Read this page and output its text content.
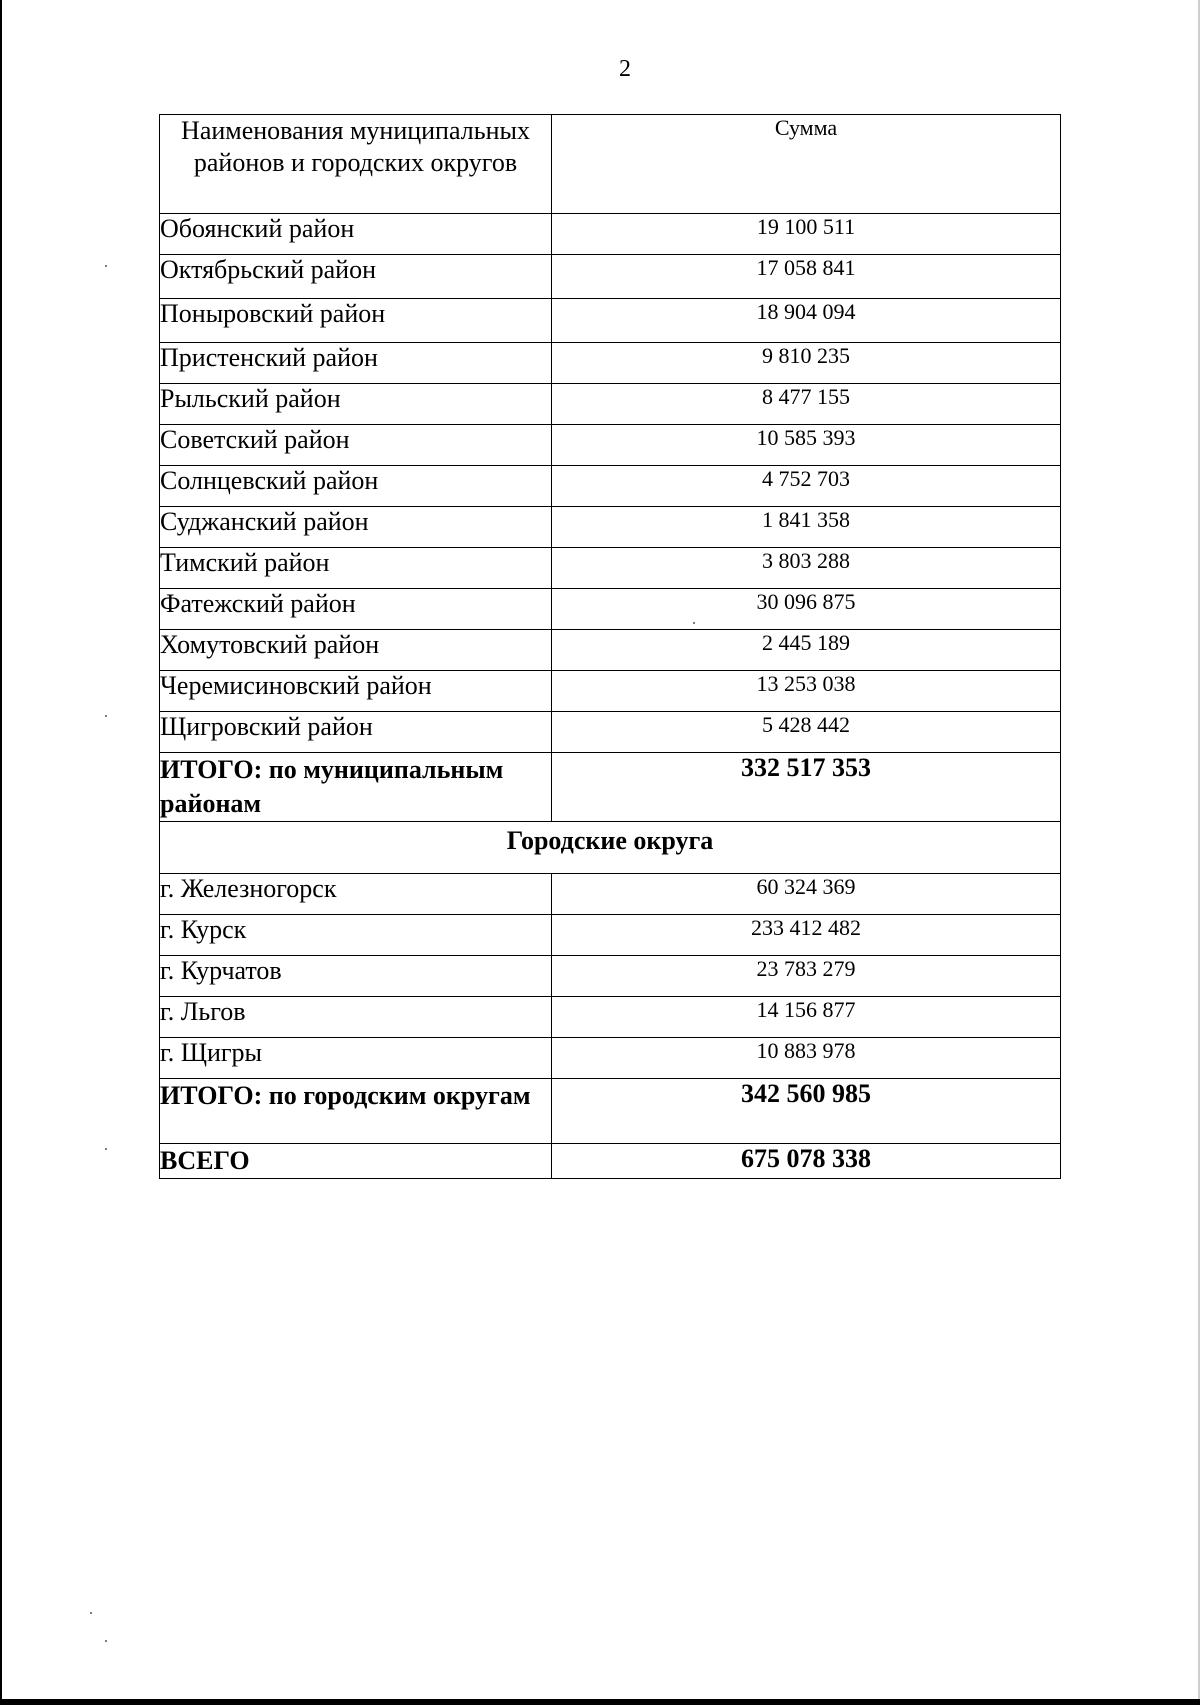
2
Наименования муниципальных районов и городских округов	Сумма
Обоянский район	19 100 511
Октябрьский район	17 058 841
Поныровский район	18 904 094
Пристенский район	9 810 235
Рыльский район	8 477 155
Советский район	10 585 393
Солнцевский район	4 752 703
Суджанский район	1 841 358
Тимский район	3 803 288
Фатежский район	30 096 875
Хомутовский район	2 445 189
Черемисиновский район	13 253 038
Щигровский район	5 428 442
ИТОГО: по муниципальным районам	332 517 353
Городские округа	
г. Железногорск	60 324 369
г. Курск	233 412 482
г. Курчатов	23 783 279
г. Льгов	14 156 877
г. Щигры	10 883 978
ИТОГО: по городским округам	342 560 985
ВСЕГО	675 078 338
